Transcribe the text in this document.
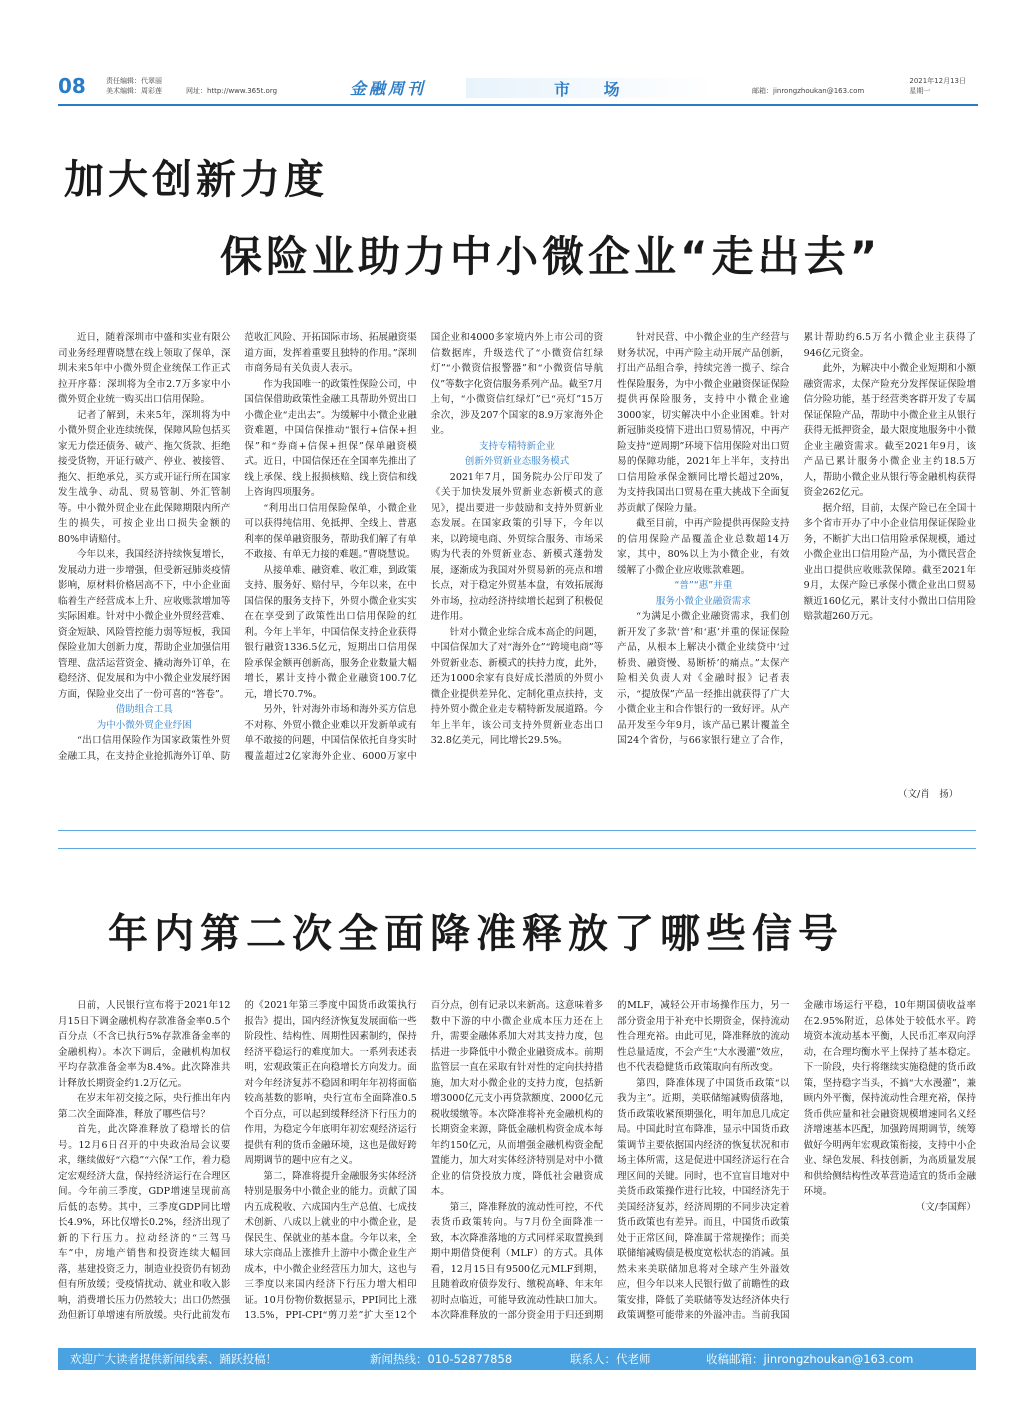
08	责任编辑：代翠丽
美术编辑：周彩莲	网址：http://www.365t.org	金融周刊	市 场	邮箱：jinrongzhoukan@163.com
2021年12月13日
星期一
加大创新力度
保险业助力中小微企业“走出去”

近日，随着深圳市中盛和实业有限公司业务经理曹晓慧在线上领取了保单，深圳未来5年中小微外贸企业统保工作正式拉开序幕：深圳将为全市2.7万多家中小微外贸企业统一购买出口信用保险。

记者了解到，未来5年，深圳将为中小微外贸企业连续统保，保障风险包括买家无力偿还债务、破产、拖欠货款、拒绝接受货物，开证行破产、停业、被接管、拖欠、拒绝承兑，买方或开证行所在国家发生战争、动乱、贸易管制、外汇管制等。中小微外贸企业在此保障期限内所产生的损失，可按企业出口损失金额的80%申请赔付。

今年以来，我国经济持续恢复增长，发展动力进一步增强，但受新冠肺炎疫情影响，原材料价格居高不下，中小企业面临着生产经营成本上升、应收账款增加等实际困难。针对中小微企业外贸经营难、资金短缺、风险管控能力弱等短板，我国保险业加大创新力度，帮助企业加强信用管理、盘活运营资金、撬动海外订单，在稳经济、促发展和为中小微企业发展纾困方面，保险业交出了一份可喜的“答卷”。

借助组合工具

为中小微外贸企业纾困

“出口信用保险作为国家政策性外贸金融工具，在支持企业抢抓海外订单、防范收汇风险、开拓国际市场、拓展融资渠道方面，发挥着重要且独特的作用。”深圳市商务局有关负责人表示。

作为我国唯一的政策性保险公司，中国信保借助政策性金融工具帮助外贸出口小微企业“走出去”。为缓解中小微企业融资难题，中国信保推动“银行+信保+担保”和“券商+信保+担保”保单融资模式。近日，中国信保还在全国率先推出了线上承保、线上报损核赔、线上资信和线上咨询四项服务。

“利用出口信用保险保单，小微企业可以获得纯信用、免抵押、全线上、普惠利率的保单融资服务，帮助我们解了有单不敢接、有单无力接的难题。”曹晓慧说。

从接单难、融资难、收汇难，到政策支持、服务好、赔付早，今年以来，在中国信保的服务支持下，外贸小微企业实实在在享受到了政策性出口信用保险的红利。今年上半年，中国信保支持企业获得银行融资1336.5亿元，短期出口信用保险承保金额再创新高，服务企业数量大幅增长，累计支持小微企业融资100.7亿元，增长70.7%。

另外，针对海外市场和海外买方信息不对称、外贸小微企业难以开发新单或有单不敢接的问题，中国信保依托自身实时覆盖超过2亿家海外企业、6000万家中国企业和4000多家境内外上市公司的资信数据库，升级迭代了“小微资信红绿灯”“小微资信报警器”和“小微资信导航仪”等数字化资信服务系列产品。截至7月上旬，“小微资信红绿灯”已“亮灯”15万余次，涉及207个国家的8.9万家海外企业。

支持专精特新企业

创新外贸新业态服务模式

2021年7月，国务院办公厅印发了《关于加快发展外贸新业态新模式的意见》，提出要进一步鼓励和支持外贸新业态发展。在国家政策的引导下，今年以来，以跨境电商、外贸综合服务、市场采购为代表的外贸新业态、新模式蓬勃发展，逐渐成为我国对外贸易新的亮点和增长点，对于稳定外贸基本盘，有效拓展海外市场，拉动经济持续增长起到了积极促进作用。

针对小微企业综合成本高企的问题，中国信保加大了对“海外仓”“跨境电商”等外贸新业态、新模式的扶持力度，此外，还为1000余家有良好成长潜质的外贸小微企业提供差异化、定制化重点扶持，支持外贸小微企业走专精特新发展道路。今年上半年，该公司支持外贸新业态出口32.8亿美元，同比增长29.5%。

针对民营、中小微企业的生产经营与财务状况，中再产险主动开展产品创新，打出产品组合拳，持续完善一揽子、综合性保险服务，为中小微企业融资保证保险提供再保险服务，支持中小微企业逾3000家，切实解决中小企业困难。针对新冠肺炎疫情下进出口贸易情况，中再产险支持“逆周期”环境下信用保险对出口贸易的保障功能，2021年上半年，支持出口信用险承保金额同比增长超过20%，为支持我国出口贸易在重大挑战下全面复苏贡献了保险力量。

截至目前，中再产险提供再保险支持的信用保险产品覆盖企业总数超14万家，其中，80%以上为小微企业，有效缓解了小微企业应收账款难题。

“普”“惠”并重

服务小微企业融资需求

“为满足小微企业融资需求，我们创新开发了多款‘普’和‘惠’并重的保证保险产品，从根本上解决小微企业续贷中‘过桥贵、融资慢、易断桥’的痛点。”太保产险相关负责人对《金融时报》记者表示，“提放保”产品一经推出就获得了广大小微企业主和合作银行的一致好评。从产品开发至今年9月，该产品已累计覆盖全国24个省份，与66家银行建立了合作，累计帮助约6.5万名小微企业主获得了946亿元资金。

此外，为解决中小微企业短期和小额融资需求，太保产险充分发挥保证保险增信分险功能，基于经营类客群开发了专属保证保险产品，帮助中小微企业主从银行获得无抵押资金，最大限度地服务中小微企业主融资需求。截至2021年9月，该产品已累计服务小微企业主约18.5万人，帮助小微企业从银行等金融机构获得资金262亿元。

据介绍，目前，太保产险已在全国十多个省市开办了中小企业信用保证保险业务，不断扩大出口信用险承保规模，通过小微企业出口信用险产品，为小微民营企业出口提供应收账款保障。截至2021年9月，太保产险已承保小微企业出口贸易额近160亿元，累计支付小微出口信用险赔款超260万元。

（文/肖　扬）
年内第二次全面降准释放了哪些信号

日前，人民银行宣布将于2021年12月15日下调金融机构存款准备金率0.5个百分点（不含已执行5%存款准备金率的金融机构）。本次下调后，金融机构加权平均存款准备金率为8.4%。此次降准共计释放长期资金约1.2万亿元。

在岁末年初交接之际，央行推出年内第二次全面降准，释放了哪些信号？

首先，此次降准释放了稳增长的信号。12月6日召开的中央政治局会议要求，继续做好“六稳”“六保”工作，着力稳定宏观经济大盘，保持经济运行在合理区间。今年前三季度，GDP增速呈现前高后低的态势。其中，三季度GDP同比增长4.9%，环比仅增长0.2%，经济出现了新的下行压力。拉动经济的“三驾马车”中，房地产销售和投资连续大幅回落，基建投资乏力，制造业投资仍有韧劲但有所放缓；受疫情扰动、就业和收入影响，消费增长压力仍然较大；出口仍然强劲但新订单增速有所放缓。央行此前发布的《2021年第三季度中国货币政策执行报告》提出，国内经济恢复发展面临一些阶段性、结构性、周期性因素制约，保持经济平稳运行的难度加大。一系列表述表明，宏观政策正在向稳增长方向发力。面对今年经济复苏不稳固和明年年初将面临较高基数的影响，央行宣布全面降准0.5个百分点，可以起到缓释经济下行压力的作用，为稳定今年底明年初宏观经济运行提供有利的货币金融环境，这也是做好跨周期调节的题中应有之义。

第二，降准将提升金融服务实体经济特别是服务中小微企业的能力。贡献了国内五成税收、六成国内生产总值、七成技术创新、八成以上就业的中小微企业，是保民生、保就业的基本盘。今年以来，全球大宗商品上涨推升上游中小微企业生产成本，中小微企业经营压力加大，这也与三季度以来国内经济下行压力增大相印证。10月份物价数据显示，PPI同比上涨13.5%，PPI-CPI“剪刀差”扩大至12个百分点，创有记录以来新高。这意味着多数中下游的中小微企业成本压力还在上升，需要金融体系加大对其支持力度，包括进一步降低中小微企业融资成本。前期监管层一直在采取有针对性的定向扶持措施，加大对小微企业的支持力度，包括新增3000亿元支小再贷款额度、2000亿元税收缓缴等。本次降准将补充金融机构的长期资金来源，降低金融机构资金成本每年约150亿元，从而增强金融机构资金配置能力，加大对实体经济特别是对中小微企业的信贷投放力度，降低社会融资成本。

第三，降准释放的流动性可控，不代表货币政策转向。与7月份全面降准一致，本次降准落地的方式同样采取置换到期中期借贷便利（MLF）的方式。具体看，12月15日有9500亿元MLF到期，且随着政府债券发行、缴税高峰、年末年初时点临近，可能导致流动性缺口加大。本次降准释放的一部分资金用于归还到期的MLF，减轻公开市场操作压力，另一部分资金用于补充中长期资金，保持流动性合理充裕。由此可见，降准释放的流动性总量适度，不会产生“大水漫灌”效应，也不代表稳健货币政策取向有所改变。

第四，降准体现了中国货币政策“以我为主”。近期，美联储缩减购债落地，货币政策收紧预期强化，明年加息几成定局。中国此时宣布降准，显示中国货币政策调节主要依据国内经济的恢复状况和市场主体所需，这是促进中国经济运行在合理区间的关键。同时，也不宜盲目地对中美货币政策操作进行比较，中国经济先于美国经济复苏，经济周期的不同步决定着货币政策也有差异。而且，中国货币政策处于正常区间，降准属于常规操作；而美联储缩减购债是极度宽松状态的消减。虽然未来美联储加息将对全球产生外溢效应，但今年以来人民银行做了前瞻性的政策安排，降低了美联储等发达经济体央行政策调整可能带来的外溢冲击。当前我国金融市场运行平稳，10年期国债收益率在2.95%附近，总体处于较低水平。跨境资本流动基本平衡，人民币汇率双向浮动，在合理均衡水平上保持了基本稳定。下一阶段，央行将继续实施稳健的货币政策，坚持稳字当头，不搞“大水漫灌”，兼顾内外平衡，保持流动性合理充裕，保持货币供应量和社会融资规模增速同名义经济增速基本匹配，加强跨周期调节，统筹做好今明两年宏观政策衔接，支持中小企业、绿色发展、科技创新，为高质量发展和供给侧结构性改革营造适宜的货币金融环境。

（文/李国辉）

欢迎广大读者提供新闻线索、踊跃投稿！	新闻热线：010-52877858	联系人：代老师	收稿邮箱：jinrongzhoukan@163.com
